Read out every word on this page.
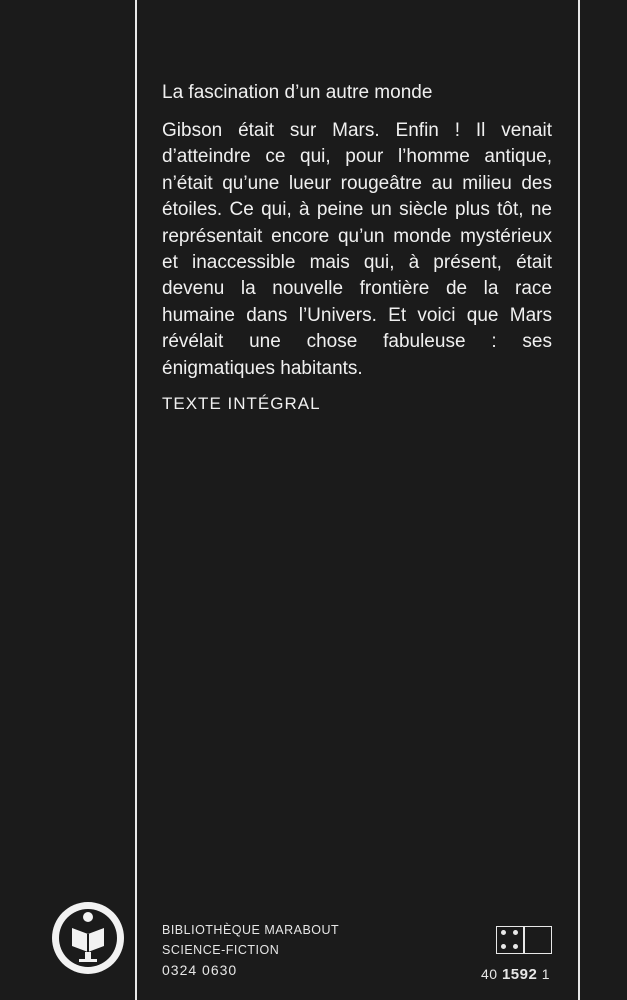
La fascination d’un autre monde

Gibson était sur Mars. Enfin ! Il venait d’atteindre ce qui, pour l’homme antique, n’était qu’une lueur rougeâtre au milieu des étoiles. Ce qui, à peine un siècle plus tôt, ne représentait encore qu’un monde mystérieux et inaccessible mais qui, à présent, était devenu la nouvelle frontière de la race humaine dans l’Univers. Et voici que Mars révélait une chose fabuleuse : ses énigmatiques habitants.

TEXTE INTÉGRAL
BIBLIOTHÈQUE MARABOUT
SCIENCE-FICTION
0324 0630	40 1592 1
